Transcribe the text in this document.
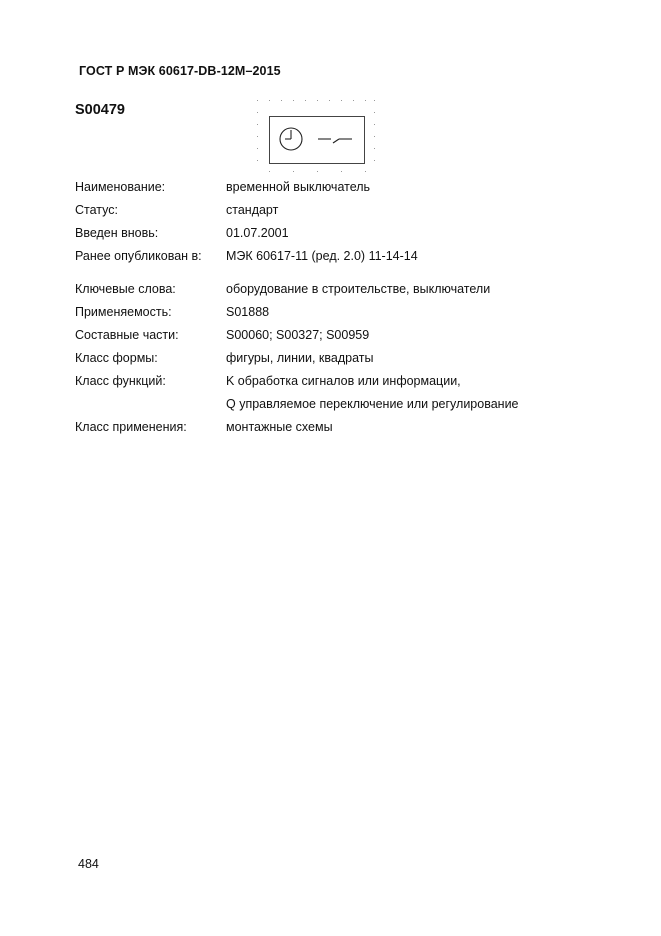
ГОСТ Р МЭК 60617-DB-12M–2015
S00479
Наименование:	временной выключатель
Статус:	стандарт
Введен вновь:	01.07.2001
Ранее опубликован в:	МЭК 60617-11 (ред. 2.0) 11-14-14
Ключевые слова:	оборудование в строительстве, выключатели
Применяемость:	S01888
Составные части:	S00060; S00327; S00959
Класс формы:	фигуры, линии, квадраты
Класс функций:	K обработка сигналов или информации,
Q управляемое переключение или регулирование
Класс применения:	монтажные схемы
484
